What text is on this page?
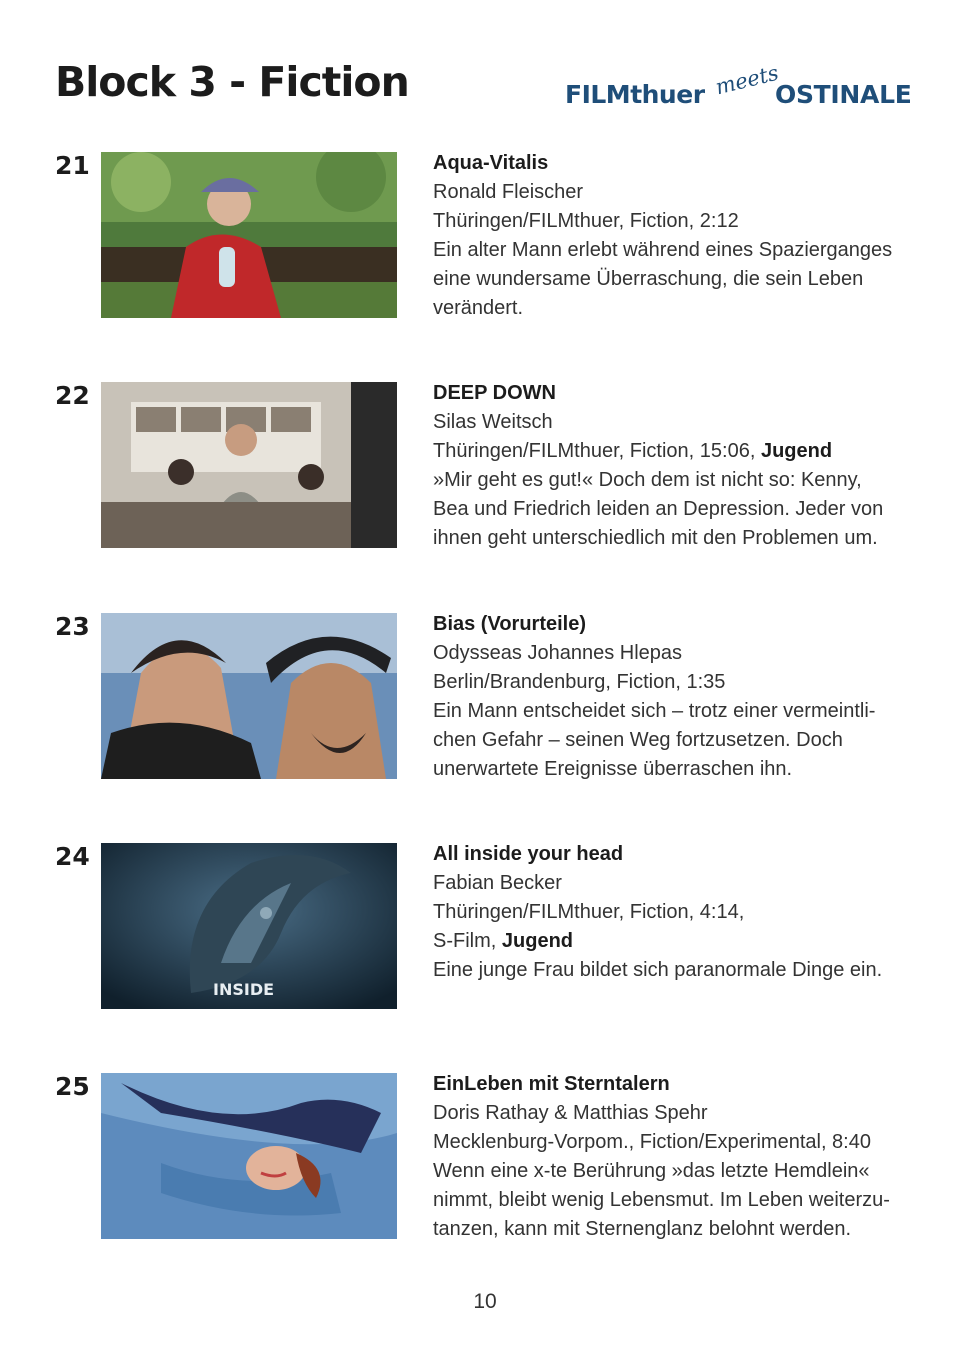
Block 3 - Fiction	FILMthuer meets
OSTINALE
21	Aqua-Vitalis
Ronald Fleischer
Thüringen/FILMthuer, Fiction, 2:12
Ein alter Mann erlebt während eines Spazierganges
eine wundersame Überraschung, die sein Leben
verändert.
22	DEEP DOWN
Silas Weitsch
Thüringen/FILMthuer, Fiction, 15:06, Jugend
»Mir geht es gut!« Doch dem ist nicht so: Kenny,
Bea und Friedrich leiden an Depression. Jeder von
ihnen geht unterschiedlich mit den Problemen um.
23	Bias (Vorurteile)
Odysseas Johannes Hlepas
Berlin/Brandenburg, Fiction, 1:35
Ein Mann entscheidet sich – trotz einer vermeintli-
chen Gefahr – seinen Weg fortzusetzen. Doch
unerwartete Ereignisse überraschen ihn.
24
INSIDE
All inside your head
Fabian Becker
Thüringen/FILMthuer, Fiction, 4:14,
S-Film, Jugend
Eine junge Frau bildet sich paranormale Dinge ein.
25	EinLeben mit Sterntalern
Doris Rathay & Matthias Spehr
Mecklenburg-Vorpom., Fiction/Experimental, 8:40
Wenn eine x-te Berührung »das letzte Hemdlein«
nimmt, bleibt wenig Lebensmut. Im Leben weiterzu-
tanzen, kann mit Sternenglanz belohnt werden.
10
